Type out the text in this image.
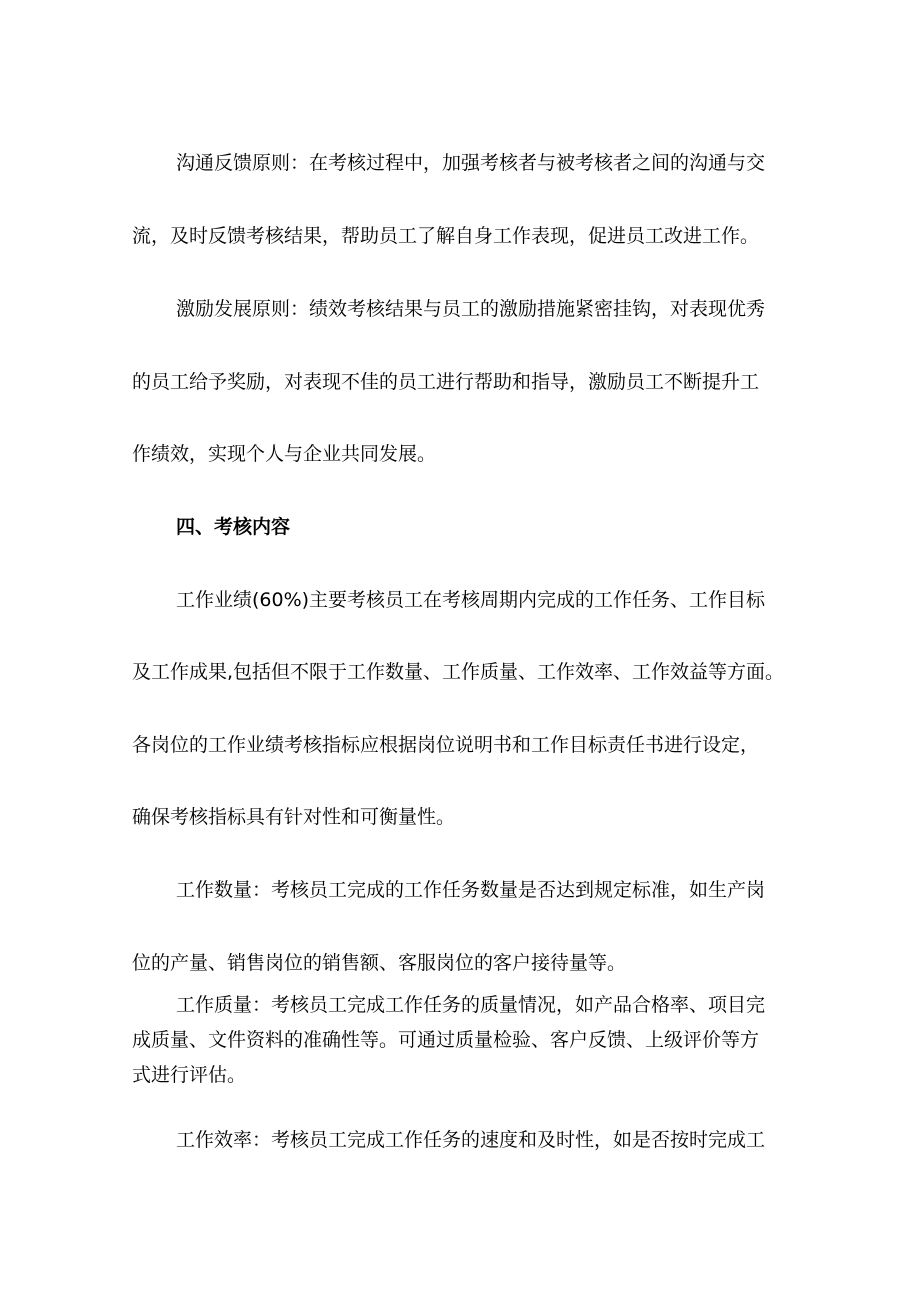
沟通反馈原则：在考核过程中，加强考核者与被考核者之间的沟通与交
流，及时反馈考核结果，帮助员工了解自身工作表现，促进员工改进工作。
激励发展原则：绩效考核结果与员工的激励措施紧密挂钩，对表现优秀
的员工给予奖励，对表现不佳的员工进行帮助和指导，激励员工不断提升工
作绩效，实现个人与企业共同发展。
四、考核内容
工作业绩(60%)主要考核员工在考核周期内完成的工作任务、工作目标
及工作成果,包括但不限于工作数量、工作质量、工作效率、工作效益等方面。
各岗位的工作业绩考核指标应根据岗位说明书和工作目标责任书进行设定，
确保考核指标具有针对性和可衡量性。
工作数量：考核员工完成的工作任务数量是否达到规定标准，如生产岗
位的产量、销售岗位的销售额、客服岗位的客户接待量等。
工作质量：考核员工完成工作任务的质量情况，如产品合格率、项目完
成质量、文件资料的准确性等。可通过质量检验、客户反馈、上级评价等方
式进行评估。
工作效率：考核员工完成工作任务的速度和及时性，如是否按时完成工
